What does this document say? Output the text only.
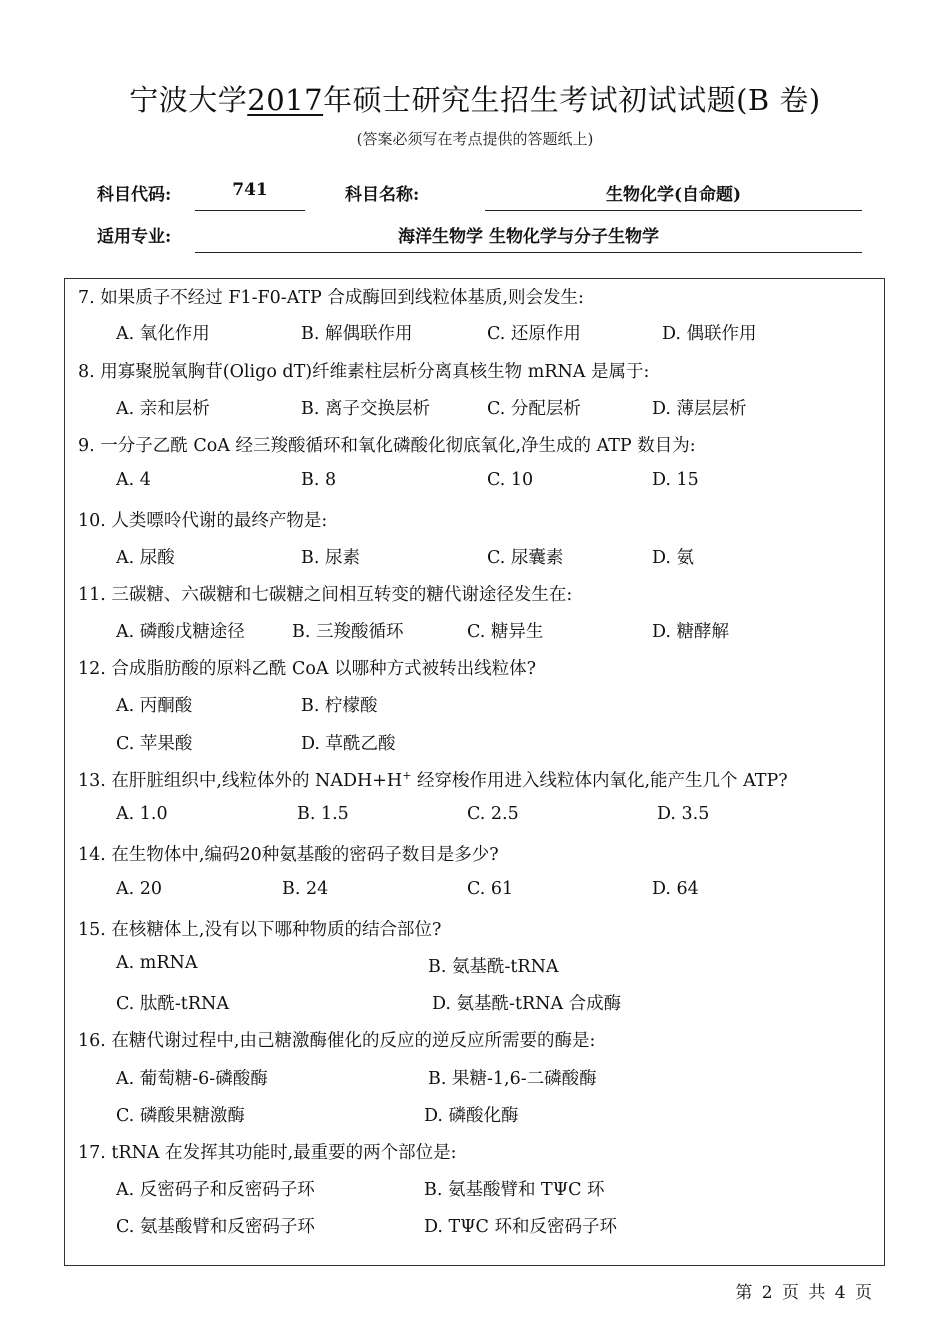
宁波大学2017年硕士研究生招生考试初试试题(B 卷)
(答案必须写在考点提供的答题纸上)
科目代码:	741	科目名称:	生物化学(自命题)
适用专业:	海洋生物学 生物化学与分子生物学
7. 如果质子不经过 F1-F0-ATP 合成酶回到线粒体基质,则会发生:
A. 氧化作用	B. 解偶联作用	C. 还原作用	D. 偶联作用
8. 用寡聚脱氧胸苷(Oligo dT)纤维素柱层析分离真核生物 mRNA 是属于:
A. 亲和层析	B. 离子交换层析	C. 分配层析	D. 薄层层析
9. 一分子乙酰 CoA 经三羧酸循环和氧化磷酸化彻底氧化,净生成的 ATP 数目为:
A. 4	B. 8	C. 10	D. 15
10. 人类嘌呤代谢的最终产物是:
A. 尿酸	B. 尿素	C. 尿囊素	D. 氨
11. 三碳糖、六碳糖和七碳糖之间相互转变的糖代谢途径发生在:
A. 磷酸戊糖途径	B. 三羧酸循环	C. 糖异生	D. 糖酵解
12. 合成脂肪酸的原料乙酰 CoA 以哪种方式被转出线粒体?
A. 丙酮酸	B. 柠檬酸
C. 苹果酸	D. 草酰乙酸
13. 在肝脏组织中,线粒体外的 NADH+H+ 经穿梭作用进入线粒体内氧化,能产生几个 ATP?
A. 1.0	B. 1.5	C. 2.5	D. 3.5
14. 在生物体中,编码20种氨基酸的密码子数目是多少?
A. 20	B. 24	C. 61	D. 64
15. 在核糖体上,没有以下哪种物质的结合部位?
A. mRNA	B. 氨基酰-tRNA
C. 肽酰-tRNA	D. 氨基酰-tRNA 合成酶
16. 在糖代谢过程中,由己糖激酶催化的反应的逆反应所需要的酶是:
A. 葡萄糖-6-磷酸酶	B. 果糖-1,6-二磷酸酶
C. 磷酸果糖激酶	D. 磷酸化酶
17. tRNA 在发挥其功能时,最重要的两个部位是:
A. 反密码子和反密码子环	B. 氨基酸臂和 TΨC 环
C. 氨基酸臂和反密码子环	D. TΨC 环和反密码子环
第 2 页 共 4 页
